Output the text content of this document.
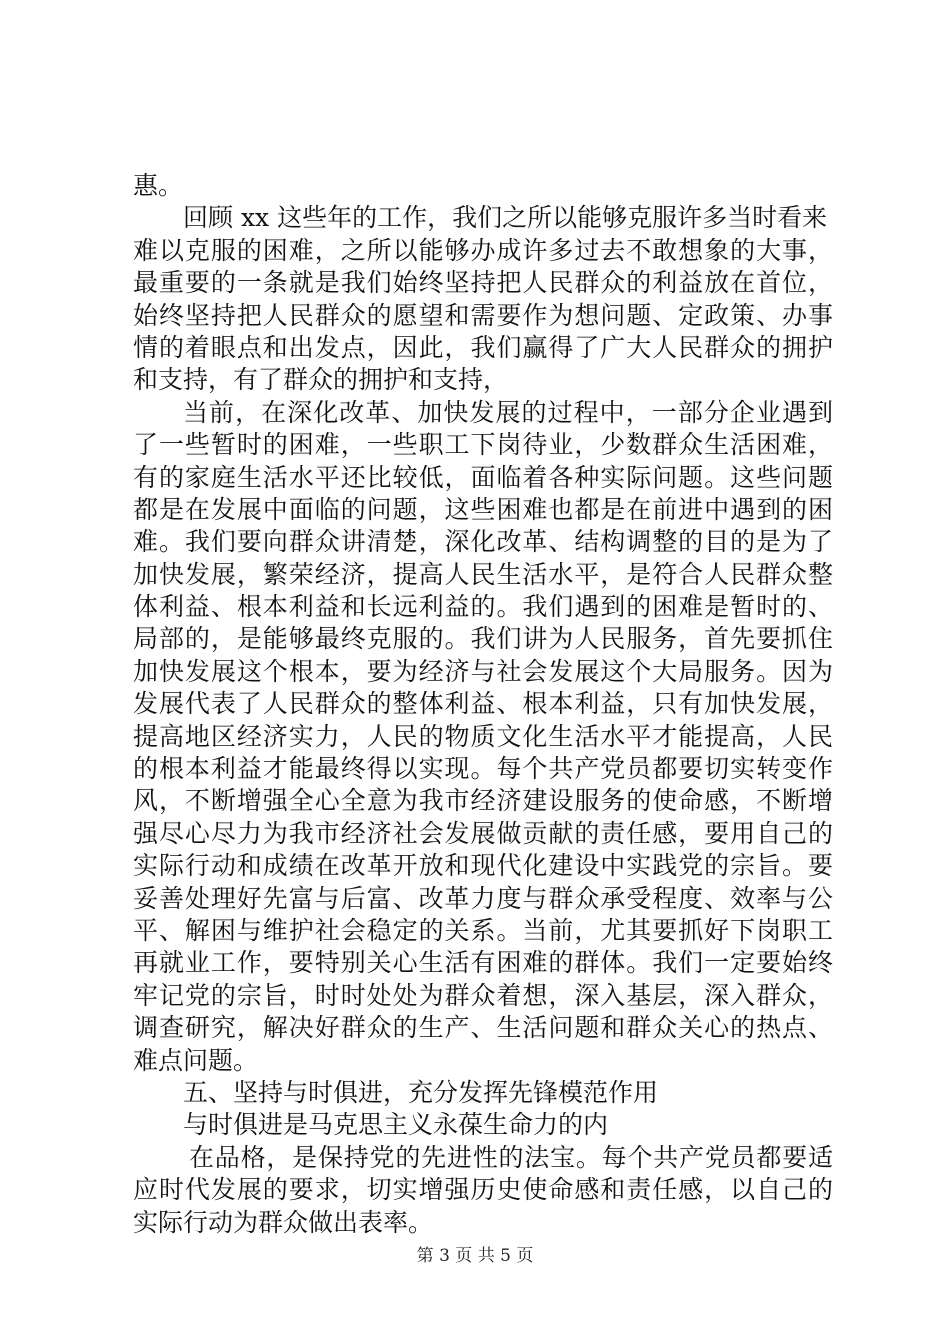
惠。
回顾 xx 这些年的工作，我们之所以能够克服许多当时看来
难以克服的困难，之所以能够办成许多过去不敢想象的大事，
最重要的一条就是我们始终坚持把人民群众的利益放在首位，
始终坚持把人民群众的愿望和需要作为想问题、定政策、办事
情的着眼点和出发点，因此，我们赢得了广大人民群众的拥护
和支持，有了群众的拥护和支持，
当前，在深化改革、加快发展的过程中，一部分企业遇到
了一些暂时的困难，一些职工下岗待业，少数群众生活困难，
有的家庭生活水平还比较低，面临着各种实际问题。这些问题
都是在发展中面临的问题，这些困难也都是在前进中遇到的困
难。我们要向群众讲清楚，深化改革、结构调整的目的是为了
加快发展，繁荣经济，提高人民生活水平，是符合人民群众整
体利益、根本利益和长远利益的。我们遇到的困难是暂时的、
局部的，是能够最终克服的。我们讲为人民服务，首先要抓住
加快发展这个根本，要为经济与社会发展这个大局服务。因为
发展代表了人民群众的整体利益、根本利益，只有加快发展，
提高地区经济实力，人民的物质文化生活水平才能提高，人民
的根本利益才能最终得以实现。每个共产党员都要切实转变作
风，不断增强全心全意为我市经济建设服务的使命感，不断增
强尽心尽力为我市经济社会发展做贡献的责任感，要用自己的
实际行动和成绩在改革开放和现代化建设中实践党的宗旨。要
妥善处理好先富与后富、改革力度与群众承受程度、效率与公
平、解困与维护社会稳定的关系。当前，尤其要抓好下岗职工
再就业工作，要特别关心生活有困难的群体。我们一定要始终
牢记党的宗旨，时时处处为群众着想，深入基层，深入群众，
调查研究，解决好群众的生产、生活问题和群众关心的热点、
难点问题。
五、坚持与时俱进，充分发挥先锋模范作用
与时俱进是马克思主义永葆生命力的内
在品格，是保持党的先进性的法宝。每个共产党员都要适
应时代发展的要求，切实增强历史使命感和责任感，以自己的
实际行动为群众做出表率。
第 3 页 共 5 页
